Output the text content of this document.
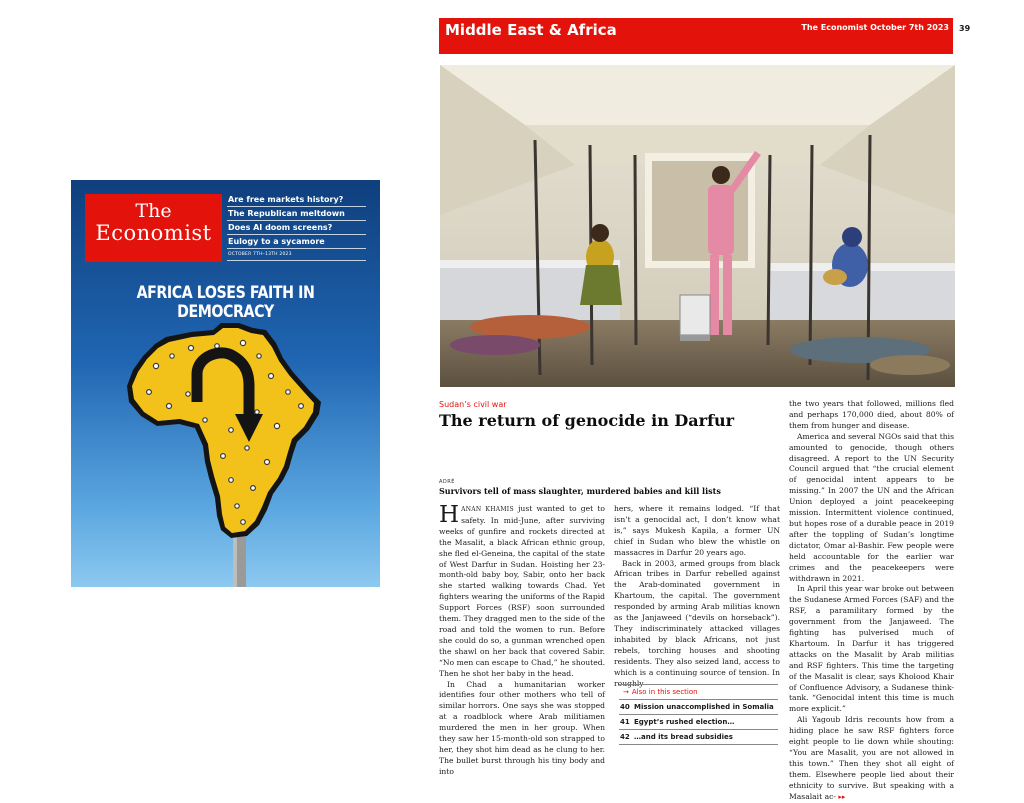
The
Economist
Are free markets history?
The Republican meltdown
Does AI doom screens?
Eulogy to a sycamore
OCTOBER 7TH–13TH 2023
AFRICA LOSES FAITH IN DEMOCRACY
Middle East & Africa	The Economist October 7th 2023 39
Sudan’s civil war
The return of genocide in Darfur
ADRÉ
Survivors tell of mass slaughter, murdered babies and kill lists

HANAN KHAMIS just wanted to get to safety. In mid-June, after surviving weeks of gunfire and rockets directed at the Masalit, a black African ethnic group, she fled el-Geneina, the capital of the state of West Darfur in Sudan. Hoisting her 23-month-old baby boy, Sabir, onto her back she started walking towards Chad. Yet fighters wearing the uniforms of the Rapid Support Forces (RSF) soon surrounded them. They dragged men to the side of the road and told the women to run. Before she could do so, a gunman wrenched open the shawl on her back that covered Sabir. “No men can escape to Chad,” he shouted. Then he shot her baby in the head.

In Chad a humanitarian worker identifies four other mothers who tell of similar horrors. One says she was stopped at a roadblock where Arab militiamen murdered the men in her group. When they saw her 15-month-old son strapped to her, they shot him dead as he clung to her. The bullet burst through his tiny body and into

hers, where it remains lodged. “If that isn’t a genocidal act, I don’t know what is,” says Mukesh Kapila, a former UN chief in Sudan who blew the whistle on massacres in Darfur 20 years ago.

Back in 2003, armed groups from black African tribes in Darfur rebelled against the Arab-dominated government in Khartoum, the capital. The government responded by arming Arab militias known as the Janjaweed (“devils on horseback”). They indiscriminately attacked villages inhabited by black Africans, not just rebels, torching houses and shooting residents. They also seized land, access to which is a continuing source of tension. In roughly

→ Also in this section
40 Mission unaccomplished in Somalia
41 Egypt’s rushed election…
42 …and its bread subsidies

the two years that followed, millions fled and perhaps 170,000 died, about 80% of them from hunger and disease.

America and several NGOs said that this amounted to genocide, though others disagreed. A report to the UN Security Council argued that “the crucial element of genocidal intent appears to be missing.” In 2007 the UN and the African Union deployed a joint peacekeeping mission. Intermittent violence continued, but hopes rose of a durable peace in 2019 after the toppling of Sudan’s longtime dictator, Omar al-Bashir. Few people were held accountable for the earlier war crimes and the peacekeepers were withdrawn in 2021.

In April this year war broke out between the Sudanese Armed Forces (SAF) and the RSF, a paramilitary formed by the government from the Janjaweed. The fighting has pulverised much of Khartoum. In Darfur it has triggered attacks on the Masalit by Arab militias and RSF fighters. This time the targeting of the Masalit is clear, says Kholood Khair of Confluence Advisory, a Sudanese think-tank. “Genocidal intent this time is much more explicit.”

Ali Yagoub Idris recounts how from a hiding place he saw RSF fighters force eight people to lie down while shouting: “You are Masalit, you are not allowed in this town.” Then they shot all eight of them. Elsewhere people lied about their ethnicity to survive. But speaking with a Masalait ac- ▸▸
